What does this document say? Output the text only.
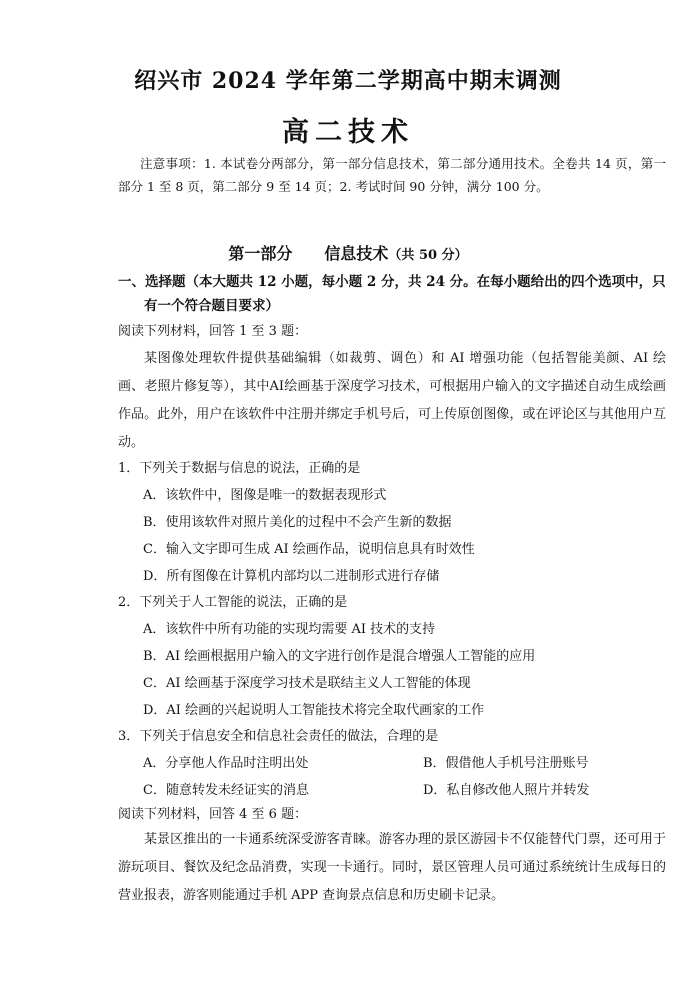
绍兴市 2024 学年第二学期高中期末调测
高二技术
注意事项：1. 本试卷分两部分，第一部分信息技术，第二部分通用技术。全卷共 14 页，第一部分 1 至 8 页，第二部分 9 至 14 页；2. 考试时间 90 分钟，满分 100 分。
第一部分　　信息技术（共 50 分）
一、选择题（本大题共 12 小题，每小题 2 分，共 24 分。在每小题给出的四个选项中，只
有一个符合题目要求）
阅读下列材料，回答 1 至 3 题：
某图像处理软件提供基础编辑（如裁剪、调色）和 AI 增强功能（包括智能美颜、AI 绘画、老照片修复等），其中AI绘画基于深度学习技术，可根据用户输入的文字描述自动生成绘画作品。此外，用户在该软件中注册并绑定手机号后，可上传原创图像，或在评论区与其他用户互动。
1．下列关于数据与信息的说法，正确的是
A．该软件中，图像是唯一的数据表现形式
B．使用该软件对照片美化的过程中不会产生新的数据
C．输入文字即可生成 AI 绘画作品，说明信息具有时效性
D．所有图像在计算机内部均以二进制形式进行存储
2．下列关于人工智能的说法，正确的是
A．该软件中所有功能的实现均需要 AI 技术的支持
B．AI 绘画根据用户输入的文字进行创作是混合增强人工智能的应用
C．AI 绘画基于深度学习技术是联结主义人工智能的体现
D．AI 绘画的兴起说明人工智能技术将完全取代画家的工作
3．下列关于信息安全和信息社会责任的做法，合理的是
A．分享他人作品时注明出处	B．假借他人手机号注册账号
C．随意转发未经证实的消息	D．私自修改他人照片并转发
阅读下列材料，回答 4 至 6 题：
某景区推出的一卡通系统深受游客青睐。游客办理的景区游园卡不仅能替代门票，还可用于游玩项目、餐饮及纪念品消费，实现一卡通行。同时，景区管理人员可通过系统统计生成每日的营业报表，游客则能通过手机 APP 查询景点信息和历史刷卡记录。
